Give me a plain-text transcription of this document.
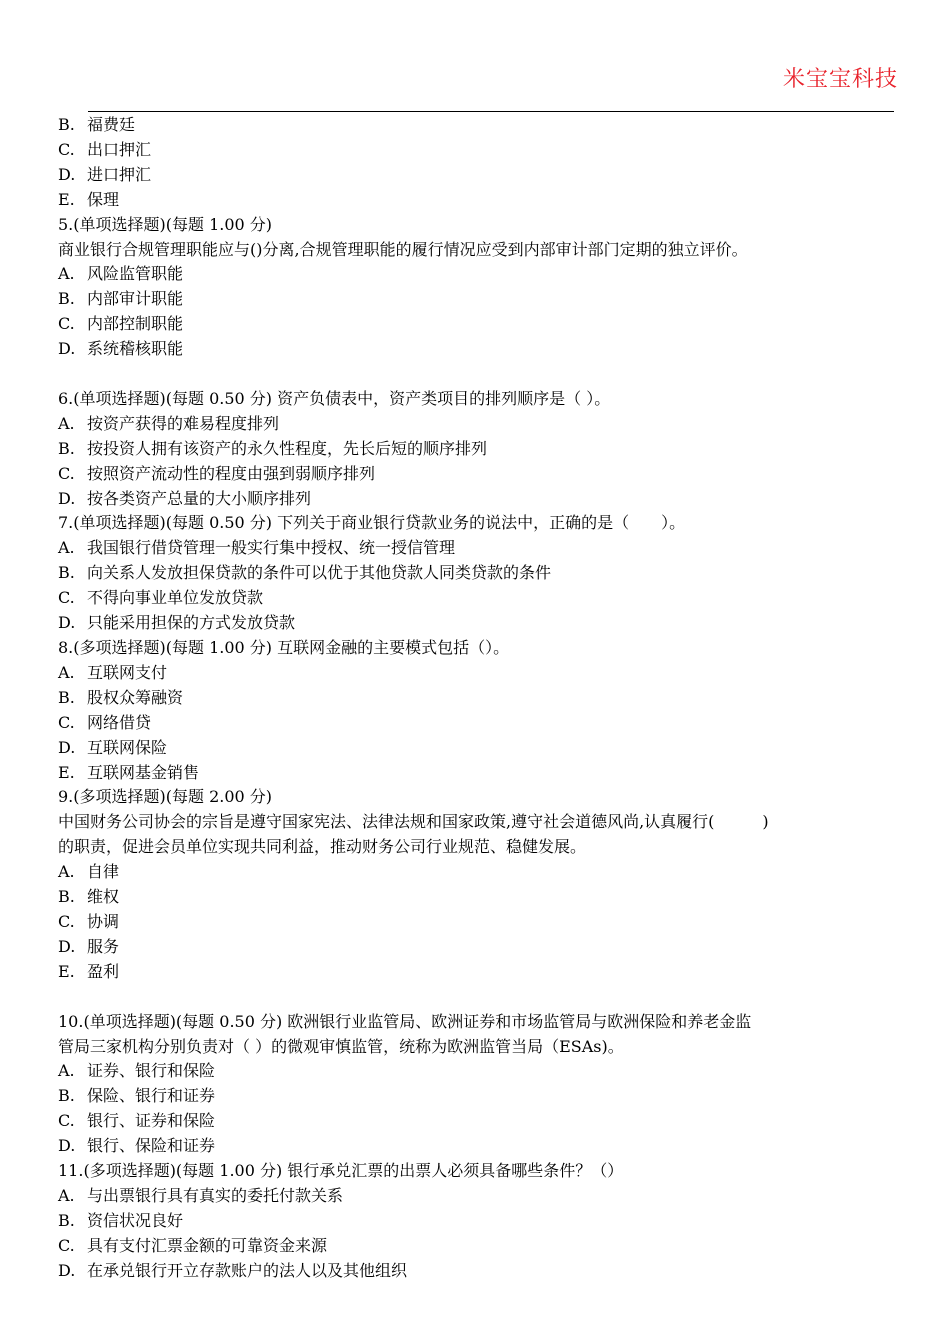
米宝宝科技
B. 福费廷
C. 出口押汇
D. 进口押汇
E. 保理
5.(单项选择题)(每题 1.00 分)
商业银行合规管理职能应与()分离,合规管理职能的履行情况应受到内部审计部门定期的独立评价。
A. 风险监管职能
B. 内部审计职能
C. 内部控制职能
D. 系统稽核职能
6.(单项选择题)(每题 0.50 分) 资产负债表中，资产类项目的排列顺序是（ ）。
A. 按资产获得的难易程度排列
B. 按投资人拥有该资产的永久性程度，先长后短的顺序排列
C. 按照资产流动性的程度由强到弱顺序排列
D. 按各类资产总量的大小顺序排列
7.(单项选择题)(每题 0.50 分) 下列关于商业银行贷款业务的说法中，正确的是（　　）。
A. 我国银行借贷管理一般实行集中授权、统一授信管理
B. 向关系人发放担保贷款的条件可以优于其他贷款人同类贷款的条件
C. 不得向事业单位发放贷款
D. 只能采用担保的方式发放贷款
8.(多项选择题)(每题 1.00 分) 互联网金融的主要模式包括（）。
A. 互联网支付
B. 股权众筹融资
C. 网络借贷
D. 互联网保险
E. 互联网基金销售
9.(多项选择题)(每题 2.00 分)
中国财务公司协会的宗旨是遵守国家宪法、法律法规和国家政策,遵守社会道德风尚,认真履行(　　　)
的职责，促进会员单位实现共同利益，推动财务公司行业规范、稳健发展。
A. 自律
B. 维权
C. 协调
D. 服务
E. 盈利
10.(单项选择题)(每题 0.50 分) 欧洲银行业监管局、欧洲证券和市场监管局与欧洲保险和养老金监
管局三家机构分别负责对（ ）的微观审慎监管，统称为欧洲监管当局（ESAs)。
A. 证券、银行和保险
B. 保险、银行和证券
C. 银行、证券和保险
D. 银行、保险和证券
11.(多项选择题)(每题 1.00 分) 银行承兑汇票的出票人必须具备哪些条件？（）
A. 与出票银行具有真实的委托付款关系
B. 资信状况良好
C. 具有支付汇票金额的可靠资金来源
D. 在承兑银行开立存款账户的法人以及其他组织
